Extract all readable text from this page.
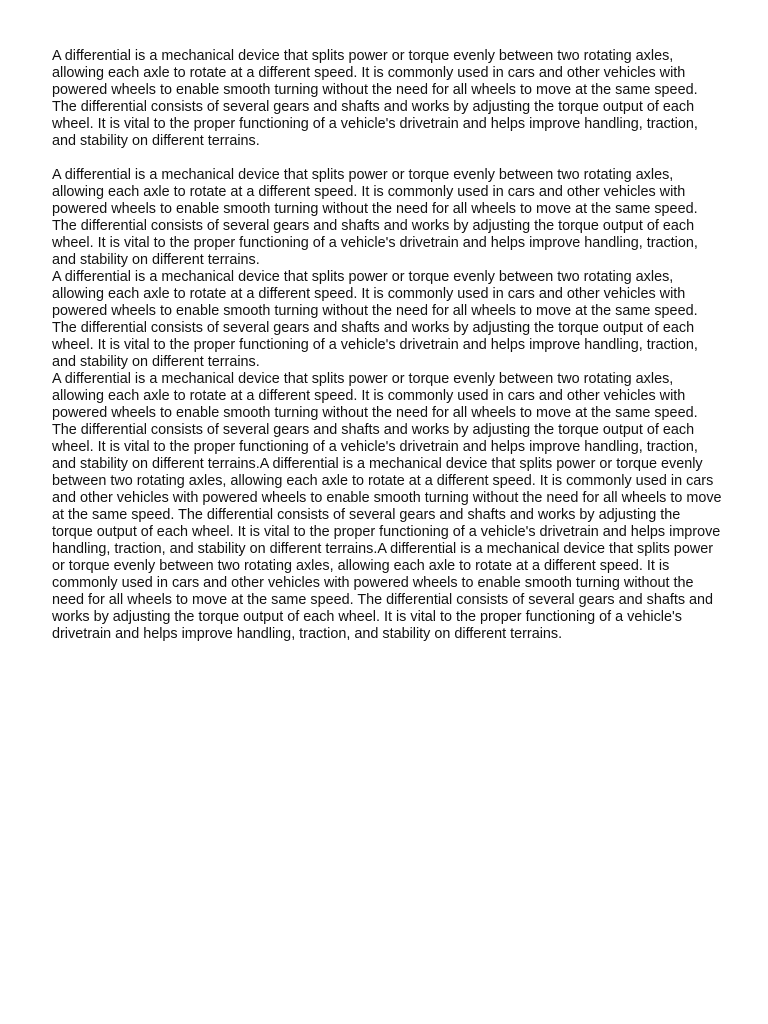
A differential is a mechanical device that splits power or torque evenly between two rotating axles, allowing each axle to rotate at a different speed. It is commonly used in cars and other vehicles with powered wheels to enable smooth turning without the need for all wheels to move at the same speed. The differential consists of several gears and shafts and works by adjusting the torque output of each wheel. It is vital to the proper functioning of a vehicle's drivetrain and helps improve handling, traction, and stability on different terrains.

A differential is a mechanical device that splits power or torque evenly between two rotating axles, allowing each axle to rotate at a different speed. It is commonly used in cars and other vehicles with powered wheels to enable smooth turning without the need for all wheels to move at the same speed. The differential consists of several gears and shafts and works by adjusting the torque output of each wheel. It is vital to the proper functioning of a vehicle's drivetrain and helps improve handling, traction, and stability on different terrains.

A differential is a mechanical device that splits power or torque evenly between two rotating axles, allowing each axle to rotate at a different speed. It is commonly used in cars and other vehicles with powered wheels to enable smooth turning without the need for all wheels to move at the same speed. The differential consists of several gears and shafts and works by adjusting the torque output of each wheel. It is vital to the proper functioning of a vehicle's drivetrain and helps improve handling, traction, and stability on different terrains.

A differential is a mechanical device that splits power or torque evenly between two rotating axles, allowing each axle to rotate at a different speed. It is commonly used in cars and other vehicles with powered wheels to enable smooth turning without the need for all wheels to move at the same speed. The differential consists of several gears and shafts and works by adjusting the torque output of each wheel. It is vital to the proper functioning of a vehicle's drivetrain and helps improve handling, traction, and stability on different terrains.A differential is a mechanical device that splits power or torque evenly between two rotating axles, allowing each axle to rotate at a different speed. It is commonly used in cars and other vehicles with powered wheels to enable smooth turning without the need for all wheels to move at the same speed. The differential consists of several gears and shafts and works by adjusting the torque output of each wheel. It is vital to the proper functioning of a vehicle's drivetrain and helps improve handling, traction, and stability on different terrains.A differential is a mechanical device that splits power or torque evenly between two rotating axles, allowing each axle to rotate at a different speed. It is commonly used in cars and other vehicles with powered wheels to enable smooth turning without the need for all wheels to move at the same speed. The differential consists of several gears and shafts and works by adjusting the torque output of each wheel. It is vital to the proper functioning of a vehicle's drivetrain and helps improve handling, traction, and stability on different terrains.
